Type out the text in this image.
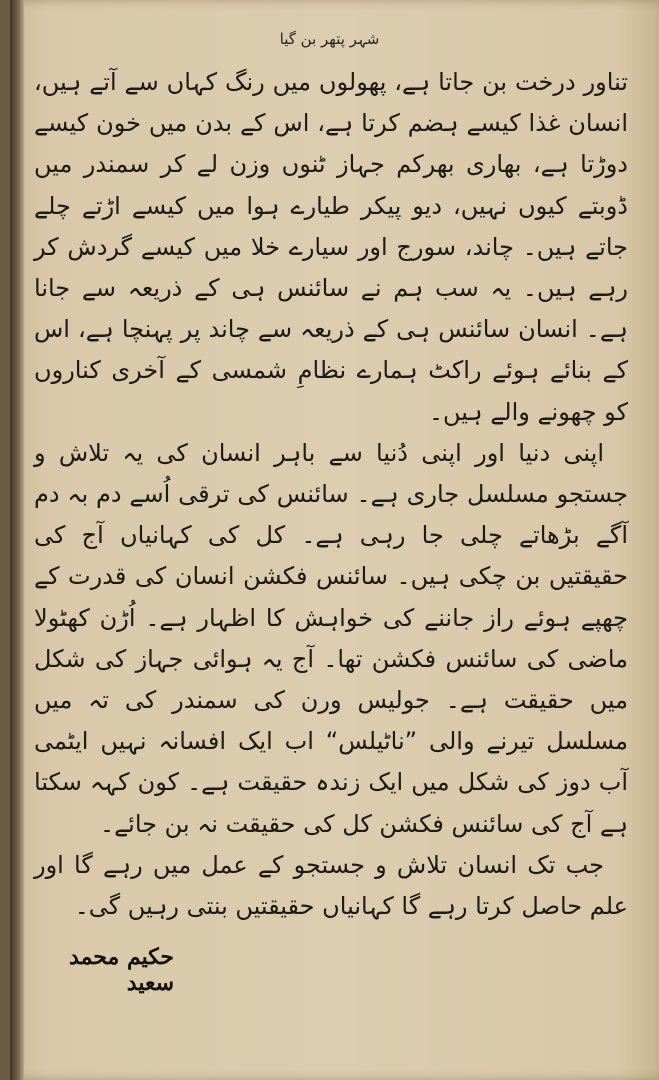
شہر پتھر بن گیا

تناور درخت بن جاتا ہے، پھولوں میں رنگ کہاں سے آتے ہیں، انسان غذا کیسے ہضم کرتا ہے، اس کے بدن میں خون کیسے دوڑتا ہے، بھاری بھرکم جہاز ٹنوں وزن لے کر سمندر میں ڈوبتے کیوں نہیں، دیو پیکر طیارے ہوا میں کیسے اڑتے چلے جاتے ہیں۔ چاند، سورج اور سیارے خلا میں کیسے گردش کر رہے ہیں۔ یہ سب ہم نے سائنس ہی کے ذریعہ سے جانا ہے۔ انسان سائنس ہی کے ذریعہ سے چاند پر پہنچا ہے، اس کے بنائے ہوئے راکٹ ہمارے نظامِ شمسی کے آخری کناروں کو چھونے والے ہیں۔

اپنی دنیا اور اپنی دُنیا سے باہر انسان کی یہ تلاش و جستجو مسلسل جاری ہے۔ سائنس کی ترقی اُسے دم بہ دم آگے بڑھاتے چلی جا رہی ہے۔ کل کی کہانیاں آج کی حقیقتیں بن چکی ہیں۔ سائنس فکشن انسان کی قدرت کے چھپے ہوئے راز جاننے کی خواہش کا اظہار ہے۔ اُڑن کھٹولا ماضی کی سائنس فکشن تھا۔ آج یہ ہوائی جہاز کی شکل میں حقیقت ہے۔ جولیس ورن کی سمندر کی تہ میں مسلسل تیرنے والی ”ناٹیلس“ اب ایک افسانہ نہیں ایٹمی آب دوز کی شکل میں ایک زندہ حقیقت ہے۔ کون کہہ سکتا ہے آج کی سائنس فکشن کل کی حقیقت نہ بن جائے۔

جب تک انسان تلاش و جستجو کے عمل میں رہے گا اور علم حاصل کرتا رہے گا کہانیاں حقیقتیں بنتی رہیں گی۔

حکیم محمد سعید
